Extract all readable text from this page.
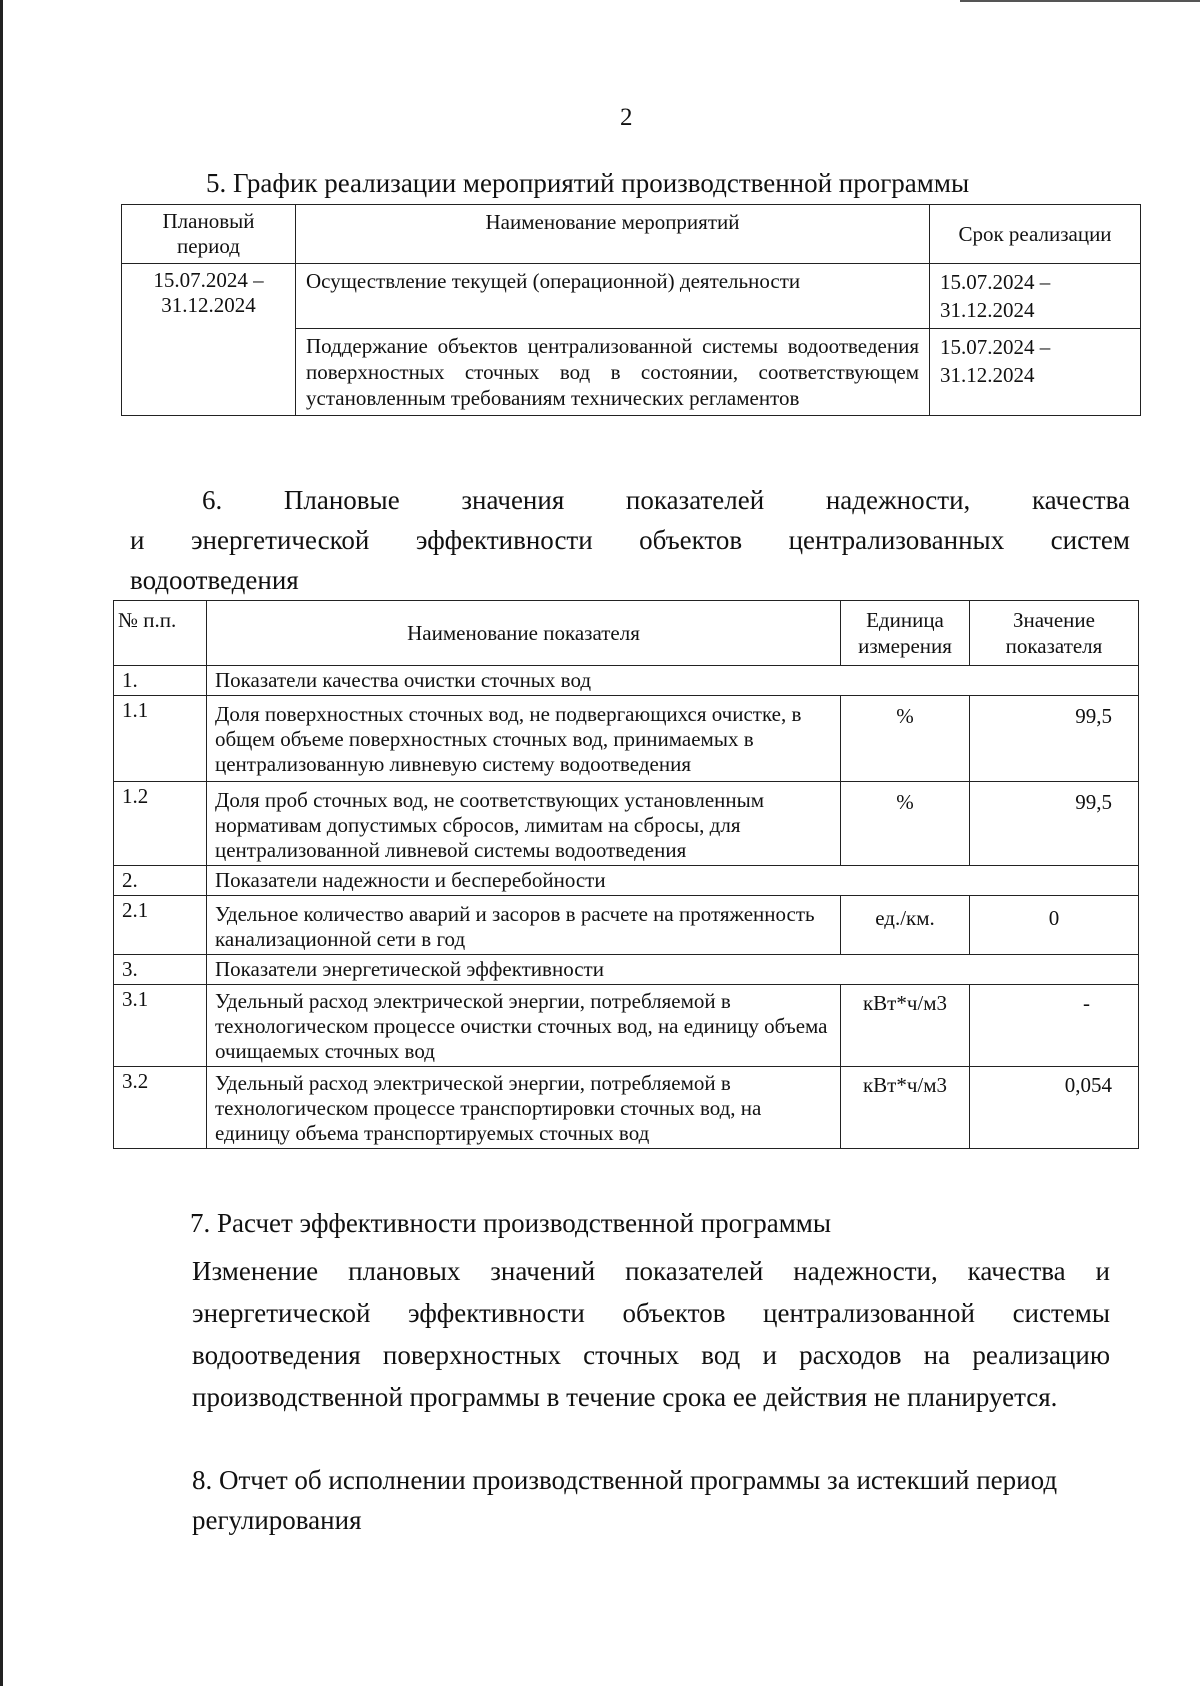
2
5. График реализации мероприятий производственной программы
Плановый период	Наименование мероприятий	Срок реализации
15.07.2024 – 31.12.2024	Осуществление текущей (операционной) деятельности	15.07.2024 – 31.12.2024
	Поддержание объектов централизованной системы водоотведения поверхностных сточных вод в состоянии, соответствующем установленным требованиям технических регламентов	15.07.2024 – 31.12.2024
6. Плановые значения показателей надежности, качества
и энергетической эффективности объектов централизованных систем
водоотведения
№ п.п.	Наименование показателя	Единица измерения	Значение показателя
1.	Показатели качества очистки сточных вод		
1.1	Доля поверхностных сточных вод, не подвергающихся очистке, в общем объеме поверхностных сточных вод, принимаемых в централизованную ливневую систему водоотведения	%	99,5
1.2	Доля проб сточных вод, не соответствующих установленным нормативам допустимых сбросов, лимитам на сбросы, для централизованной ливневой системы водоотведения	%	99,5
2.	Показатели надежности и бесперебойности		
2.1	Удельное количество аварий и засоров в расчете на протяженность канализационной сети в год	ед./км.	0
3.	Показатели энергетической эффективности		
3.1	Удельный расход электрической энергии, потребляемой в технологическом процессе очистки сточных вод, на единицу объема очищаемых сточных вод	кВт*ч/м3	-
3.2	Удельный расход электрической энергии, потребляемой в технологическом процессе транспортировки сточных вод, на единицу объема транспортируемых сточных вод	кВт*ч/м3	0,054
7. Расчет эффективности производственной программы
Изменение плановых значений показателей надежности, качества и энергетической эффективности объектов централизованной системы водоотведения поверхностных сточных вод и расходов на реализацию производственной программы в течение срока ее действия не планируется.
8. Отчет об исполнении производственной программы за истекший период регулирования
